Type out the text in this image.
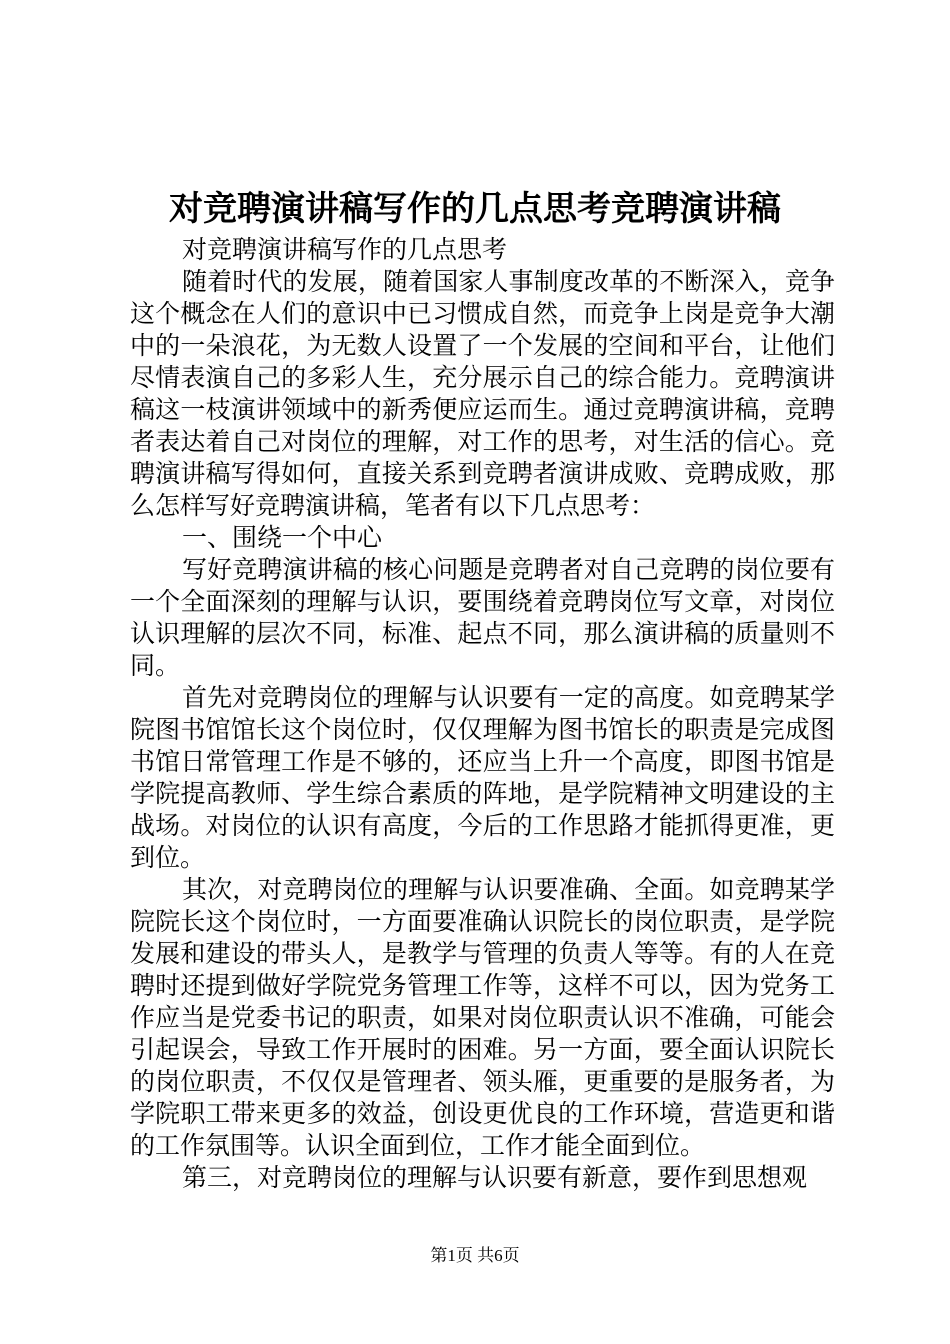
对竞聘演讲稿写作的几点思考竞聘演讲稿

对竞聘演讲稿写作的几点思考

随着时代的发展，随着国家人事制度改革的不断深入，竞争这个概念在人们的意识中已习惯成自然，而竞争上岗是竞争大潮中的一朵浪花，为无数人设置了一个发展的空间和平台，让他们尽情表演自己的多彩人生，充分展示自己的综合能力。竞聘演讲稿这一枝演讲领域中的新秀便应运而生。通过竞聘演讲稿，竞聘者表达着自己对岗位的理解，对工作的思考，对生活的信心。竞聘演讲稿写得如何，直接关系到竞聘者演讲成败、竞聘成败，那么怎样写好竞聘演讲稿，笔者有以下几点思考：

一、围绕一个中心

写好竞聘演讲稿的核心问题是竞聘者对自己竞聘的岗位要有一个全面深刻的理解与认识，要围绕着竞聘岗位写文章，对岗位认识理解的层次不同，标准、起点不同，那么演讲稿的质量则不同。

首先对竞聘岗位的理解与认识要有一定的高度。如竞聘某学院图书馆馆长这个岗位时，仅仅理解为图书馆长的职责是完成图书馆日常管理工作是不够的，还应当上升一个高度，即图书馆是学院提高教师、学生综合素质的阵地，是学院精神文明建设的主战场。对岗位的认识有高度，今后的工作思路才能抓得更准，更到位。

其次，对竞聘岗位的理解与认识要准确、全面。如竞聘某学院院长这个岗位时，一方面要准确认识院长的岗位职责，是学院发展和建设的带头人，是教学与管理的负责人等等。有的人在竞聘时还提到做好学院党务管理工作等，这样不可以，因为党务工作应当是党委书记的职责，如果对岗位职责认识不准确，可能会引起误会，导致工作开展时的困难。另一方面，要全面认识院长的岗位职责，不仅仅是管理者、领头雁，更重要的是服务者，为学院职工带来更多的效益，创设更优良的工作环境，营造更和谐的工作氛围等。认识全面到位，工作才能全面到位。

第三，对竞聘岗位的理解与认识要有新意，要作到思想观

第1页 共6页
